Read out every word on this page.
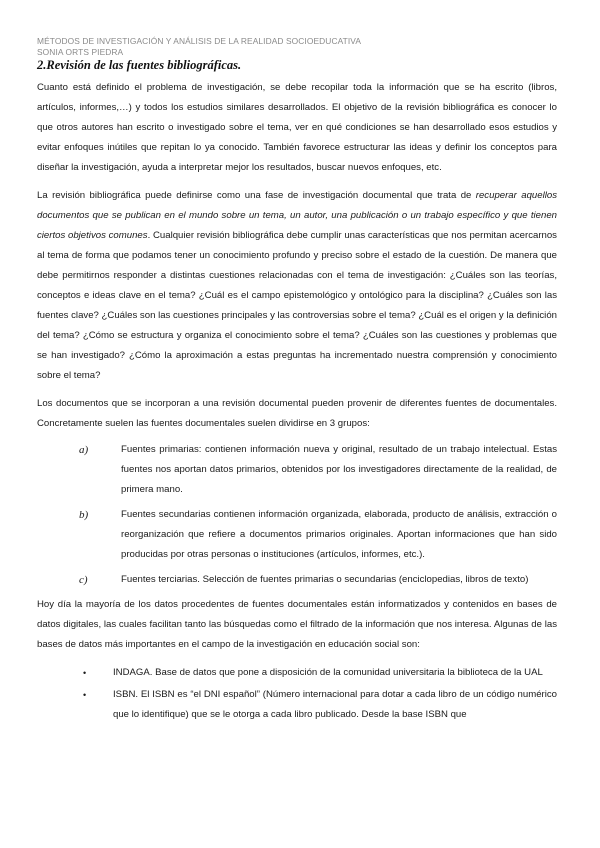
MÉTODOS DE INVESTIGACIÓN Y ANÁLISIS DE LA REALIDAD SOCIOEDUCATIVA
SONIA ORTS PIEDRA
2.Revisión de las fuentes bibliográficas.

Cuanto está definido el problema de investigación, se debe recopilar toda la información que se ha escrito (libros, artículos, informes,…) y todos los estudios similares desarrollados. El objetivo de la revisión bibliográfica es conocer lo que otros autores han escrito o investigado sobre el tema, ver en qué condiciones se han desarrollado esos estudios y evitar enfoques inútiles que repitan lo ya conocido. También favorece estructurar las ideas y definir los conceptos para diseñar la investigación, ayuda a interpretar mejor los resultados, buscar nuevos enfoques, etc.

La revisión bibliográfica puede definirse como una fase de investigación documental que trata de recuperar aquellos documentos que se publican en el mundo sobre un tema, un autor, una publicación o un trabajo específico y que tienen ciertos objetivos comunes. Cualquier revisión bibliográfica debe cumplir unas características que nos permitan acercarnos al tema de forma que podamos tener un conocimiento profundo y preciso sobre el estado de la cuestión. De manera que debe permitirnos responder a distintas cuestiones relacionadas con el tema de investigación: ¿Cuáles son las teorías, conceptos e ideas clave en el tema? ¿Cuál es el campo epistemológico y ontológico para la disciplina? ¿Cuáles son las fuentes clave? ¿Cuáles son las cuestiones principales y las controversias sobre el tema? ¿Cuál es el origen y la definición del tema? ¿Cómo se estructura y organiza el conocimiento sobre el tema? ¿Cuáles son las cuestiones y problemas que se han investigado? ¿Cómo la aproximación a estas preguntas ha incrementado nuestra comprensión y conocimiento sobre el tema?

Los documentos que se incorporan a una revisión documental pueden provenir de diferentes fuentes de documentales. Concretamente suelen las fuentes documentales suelen dividirse en 3 grupos:

a)	Fuentes primarias: contienen información nueva y original, resultado de un trabajo intelectual. Estas fuentes nos aportan datos primarios, obtenidos por los investigadores directamente de la realidad, de primera mano.
b)	Fuentes secundarias contienen información organizada, elaborada, producto de análisis, extracción o reorganización que refiere a documentos primarios originales. Aportan informaciones que han sido producidas por otras personas o instituciones (artículos, informes, etc.).
c)	Fuentes terciarias. Selección de fuentes primarias o secundarias (enciclopedias, libros de texto)

Hoy día la mayoría de los datos procedentes de fuentes documentales están informatizados y contenidos en bases de datos digitales, las cuales facilitan tanto las búsquedas como el filtrado de la información que nos interesa. Algunas de las bases de datos más importantes en el campo de la investigación en educación social son:

•	INDAGA. Base de datos que pone a disposición de la comunidad universitaria la biblioteca de la UAL
•	ISBN. El ISBN es “el DNI español” (Número internacional para dotar a cada libro de un código numérico que lo identifique) que se le otorga a cada libro publicado. Desde la base ISBN que
